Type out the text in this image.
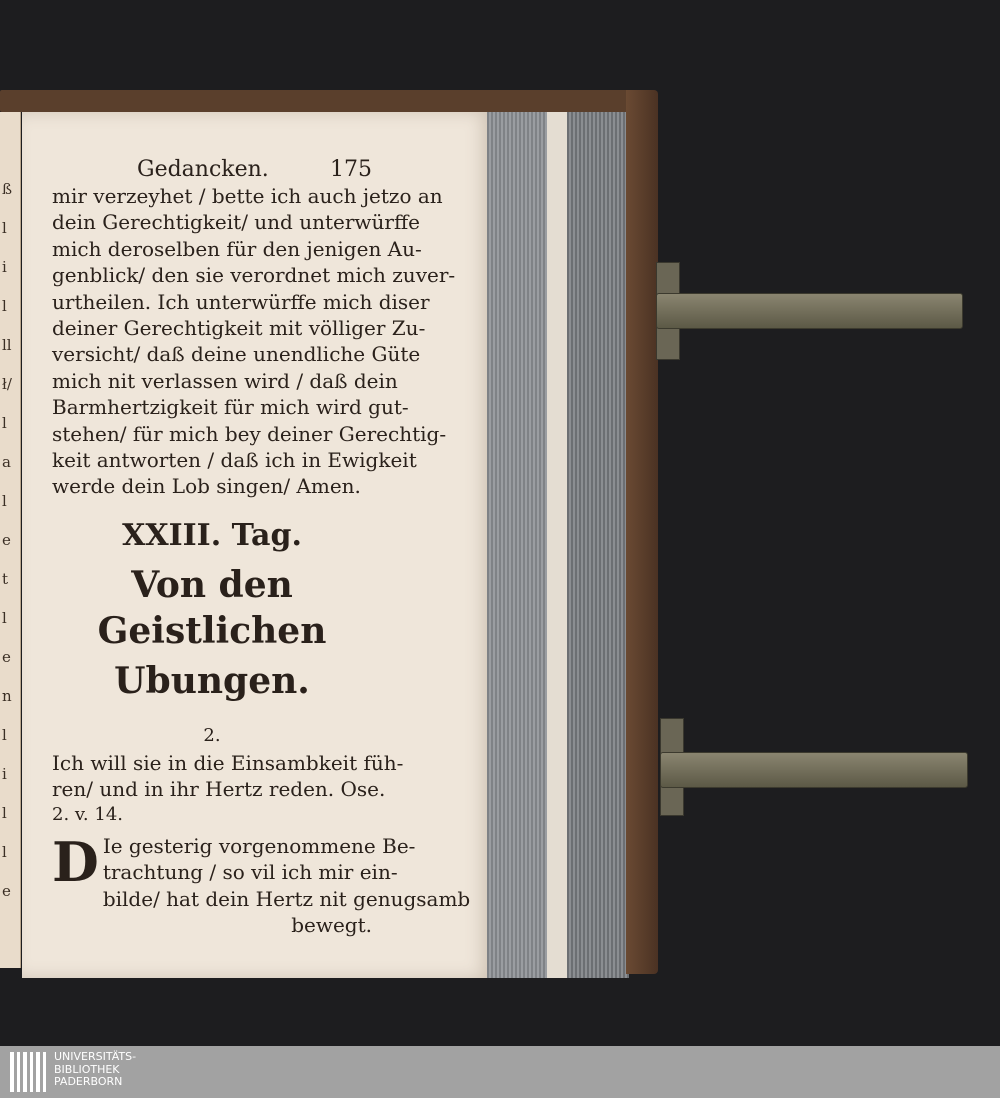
ß
l
i
l
ll
ł/
l
a
l
e
t
l
e
n
l
i
l
l
e
Gedancken.	175
mir verzeyhet / bette ich auch jetzo an
dein Gerechtigkeit/ und unterwürffe
mich deroselben für den jenigen Au-
genblick/ den sie verordnet mich zuver-
urtheilen. Ich unterwürffe mich diser
deiner Gerechtigkeit mit völliger Zu-
versicht/ daß deine unendliche Güte
mich nit verlassen wird / daß dein
Barmhertzigkeit für mich wird gut-
stehen/ für mich bey deiner Gerechtig-
keit antworten / daß ich in Ewigkeit
werde dein Lob singen/ Amen.
XXIII. Tag.
Von den Geistlichen
Ubungen.
2.
Ich will sie in die Einsambkeit füh-
ren/ und in ihr Hertz reden. Ose.
2. v. 14.
D Ie gesterig vorgenommene Be-
trachtung / so vil ich mir ein-
bilde/ hat dein Hertz nit genugsamb
bewegt.
UNIVERSITÄTS-
BIBLIOTHEK
PADERBORN
